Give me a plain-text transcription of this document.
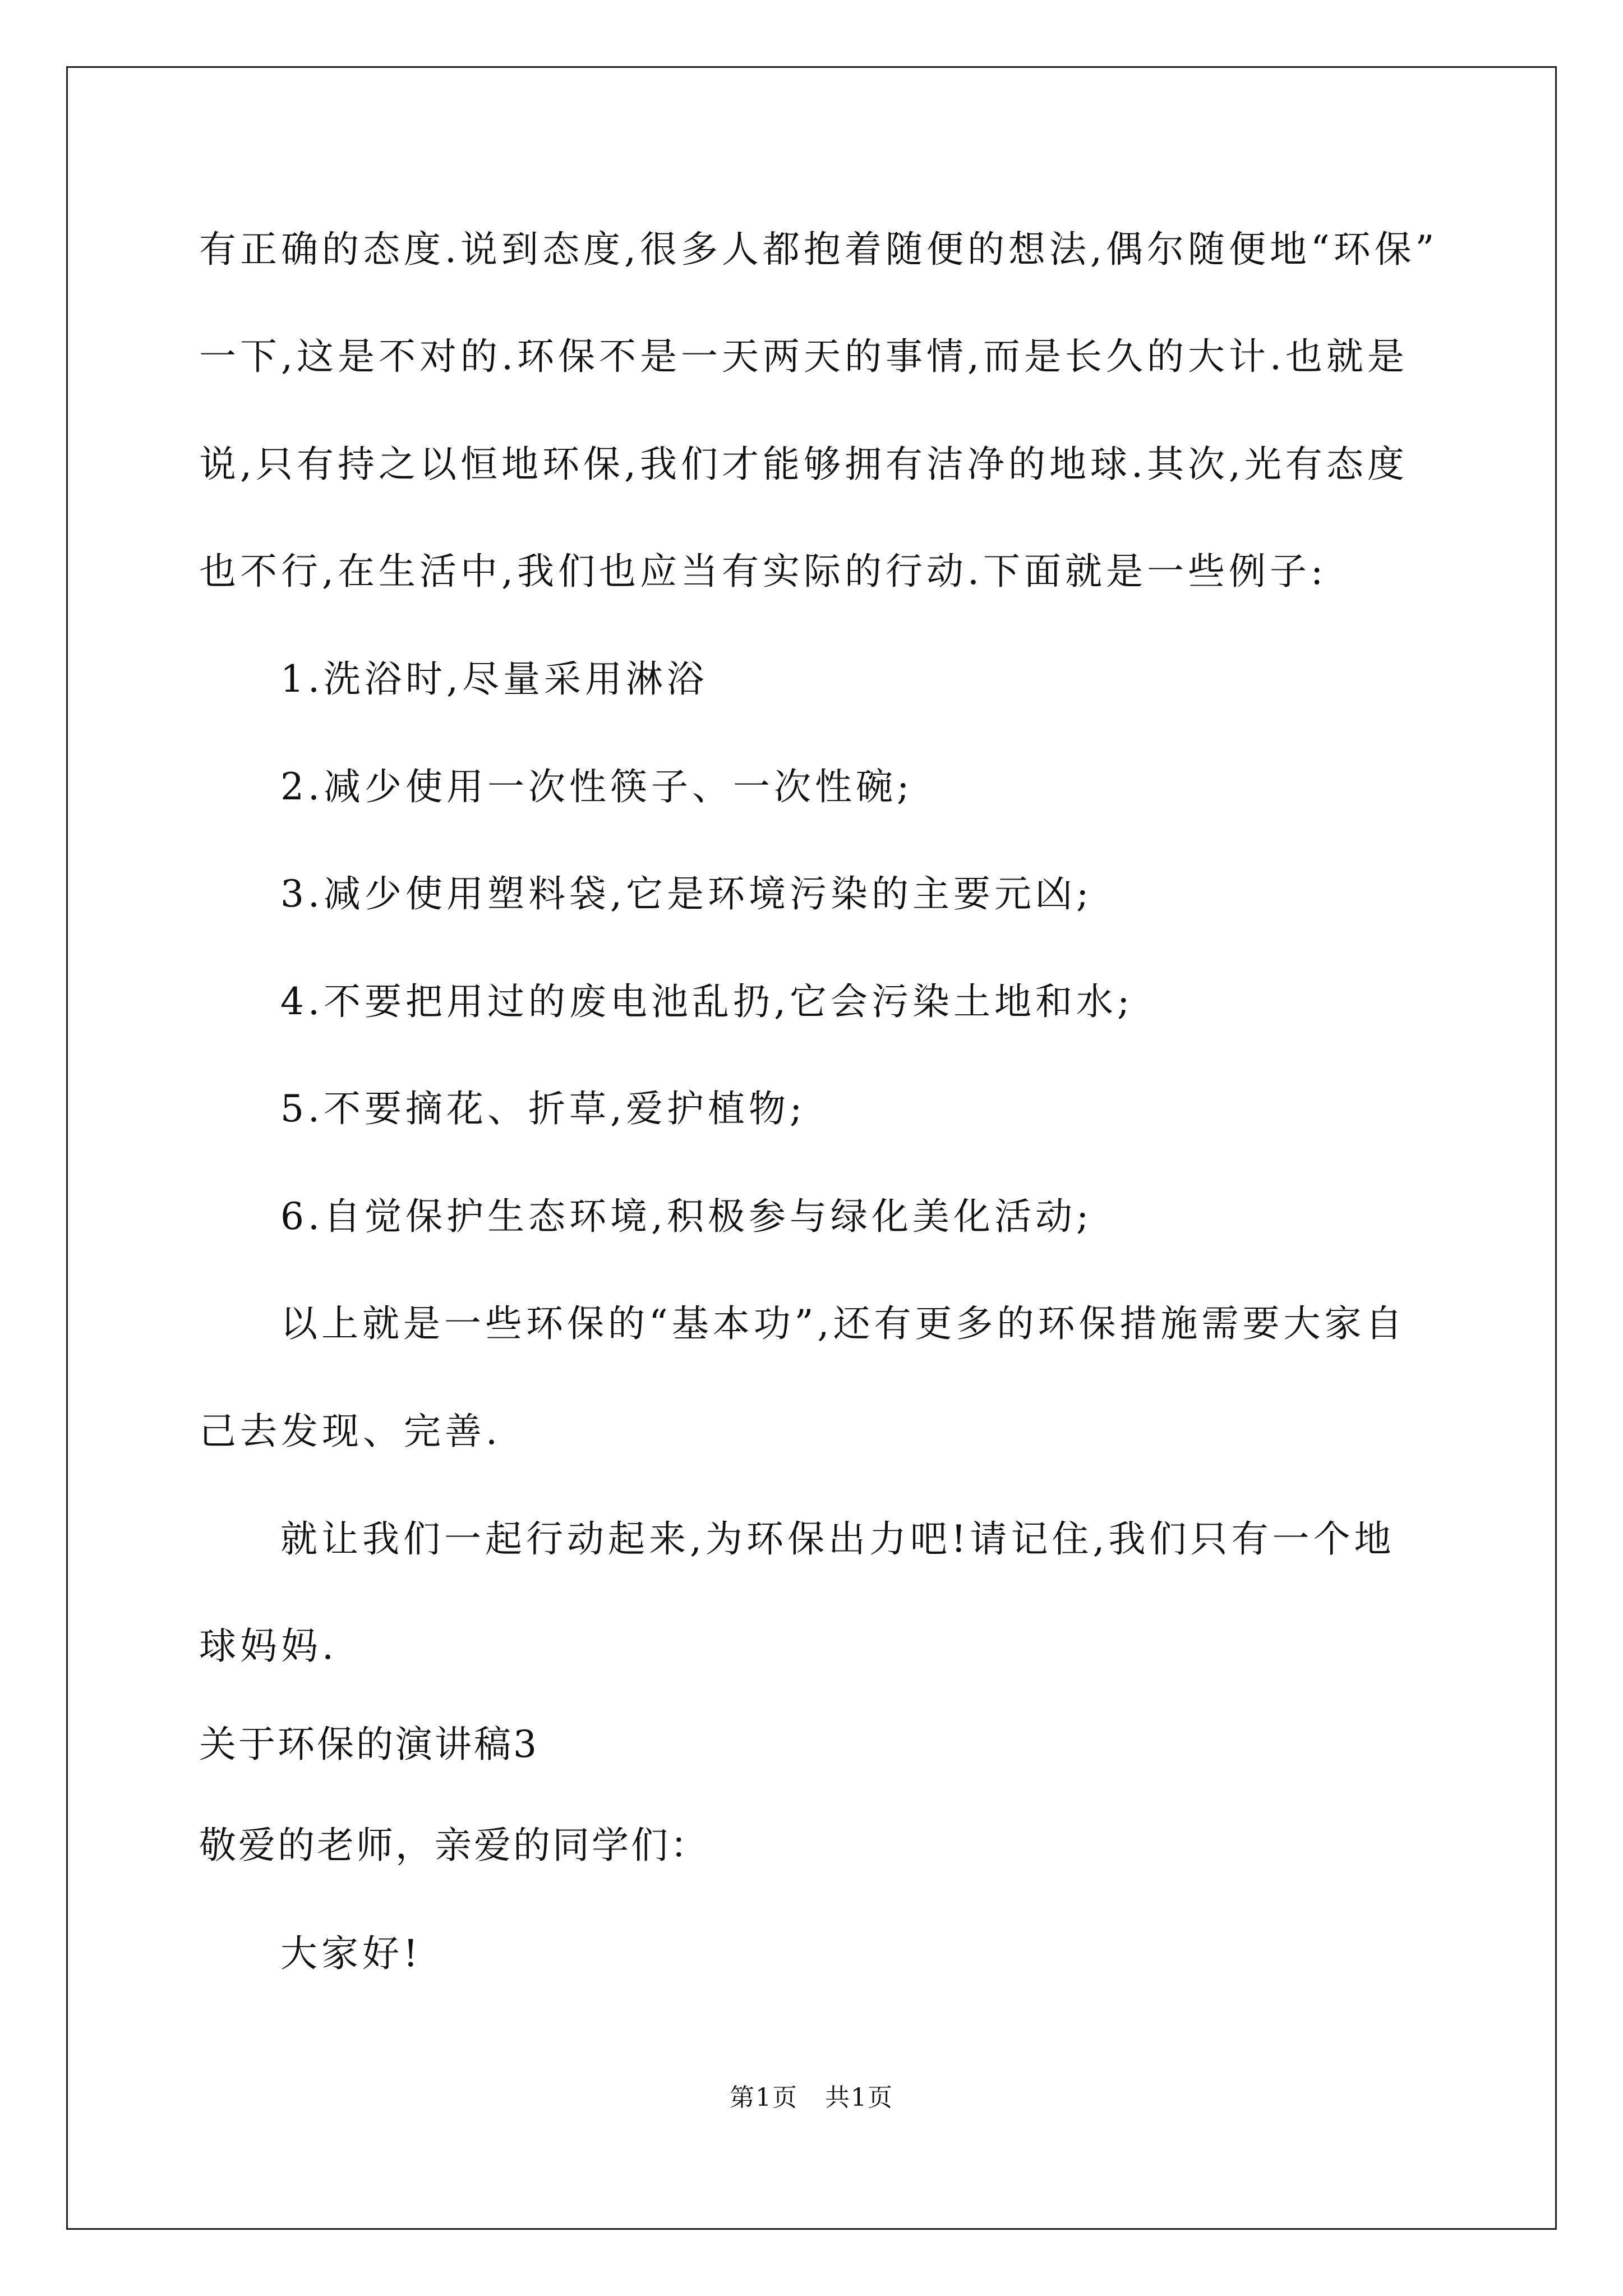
有正确的态度.说到态度,很多人都抱着随便的想法,偶尔随便地“环保”
一下,这是不对的.环保不是一天两天的事情,而是长久的大计.也就是
说,只有持之以恒地环保,我们才能够拥有洁净的地球.其次,光有态度
也不行,在生活中,我们也应当有实际的行动.下面就是一些例子:
1.洗浴时,尽量采用淋浴
2.减少使用一次性筷子、一次性碗;
3.减少使用塑料袋,它是环境污染的主要元凶;
4.不要把用过的废电池乱扔,它会污染土地和水;
5.不要摘花、折草,爱护植物;
6.自觉保护生态环境,积极参与绿化美化活动;
以上就是一些环保的“基本功”,还有更多的环保措施需要大家自
己去发现、完善.
就让我们一起行动起来,为环保出力吧!请记住,我们只有一个地
球妈妈.
关于环保的演讲稿3
敬爱的老师，亲爱的同学们：
大家好!
第1页   共1页
